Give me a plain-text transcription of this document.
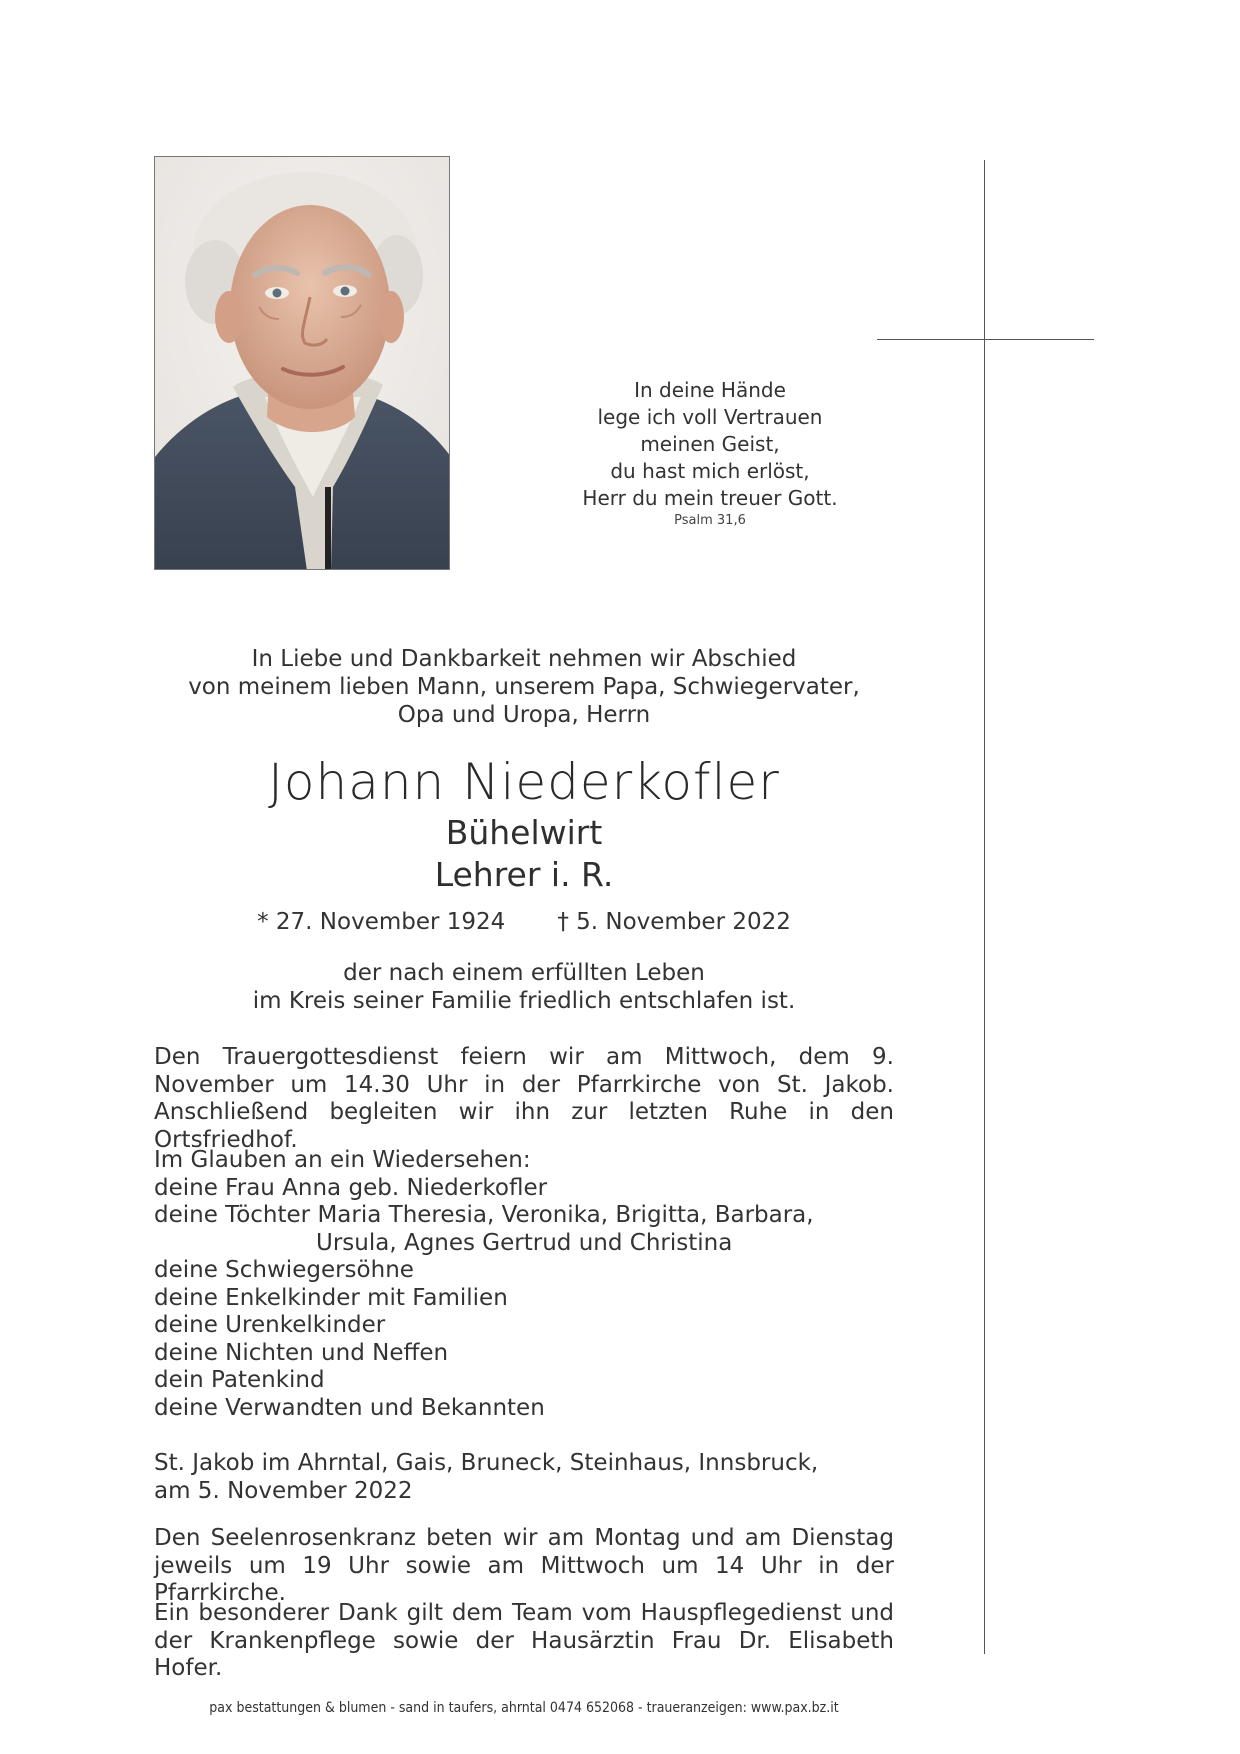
In deine Hände
lege ich voll Vertrauen
meinen Geist,
du hast mich erlöst,
Herr du mein treuer Gott.
Psalm 31,6
In Liebe und Dankbarkeit nehmen wir Abschied
von meinem lieben Mann, unserem Papa, Schwiegervater,
Opa und Uropa, Herrn
Johann Niederkofler
Bühelwirt
Lehrer i. R.
* 27. November 1924 † 5. November 2022
der nach einem erfüllten Leben
im Kreis seiner Familie friedlich entschlafen ist.
Den Trauergottesdienst feiern wir am Mittwoch, dem 9. November um 14.30 Uhr in der Pfarrkirche von St. Jakob. Anschließend begleiten wir ihn zur letzten Ruhe in den Ortsfriedhof.
Im Glauben an ein Wiedersehen:
deine Frau Anna geb. Niederkofler
deine Töchter Maria Theresia, Veronika, Brigitta, Barbara,
Ursula, Agnes Gertrud und Christina
deine Schwiegersöhne
deine Enkelkinder mit Familien
deine Urenkelkinder
deine Nichten und Neffen
dein Patenkind
deine Verwandten und Bekannten
St. Jakob im Ahrntal, Gais, Bruneck, Steinhaus, Innsbruck,
am 5. November 2022
Den Seelenrosenkranz beten wir am Montag und am Dienstag jeweils um 19 Uhr sowie am Mittwoch um 14 Uhr in der Pfarrkirche.
Ein besonderer Dank gilt dem Team vom Hauspflegedienst und der Krankenpflege sowie der Hausärztin Frau Dr. Elisabeth Hofer.
pax bestattungen & blumen - sand in taufers, ahrntal 0474 652068 - traueranzeigen: www.pax.bz.it
